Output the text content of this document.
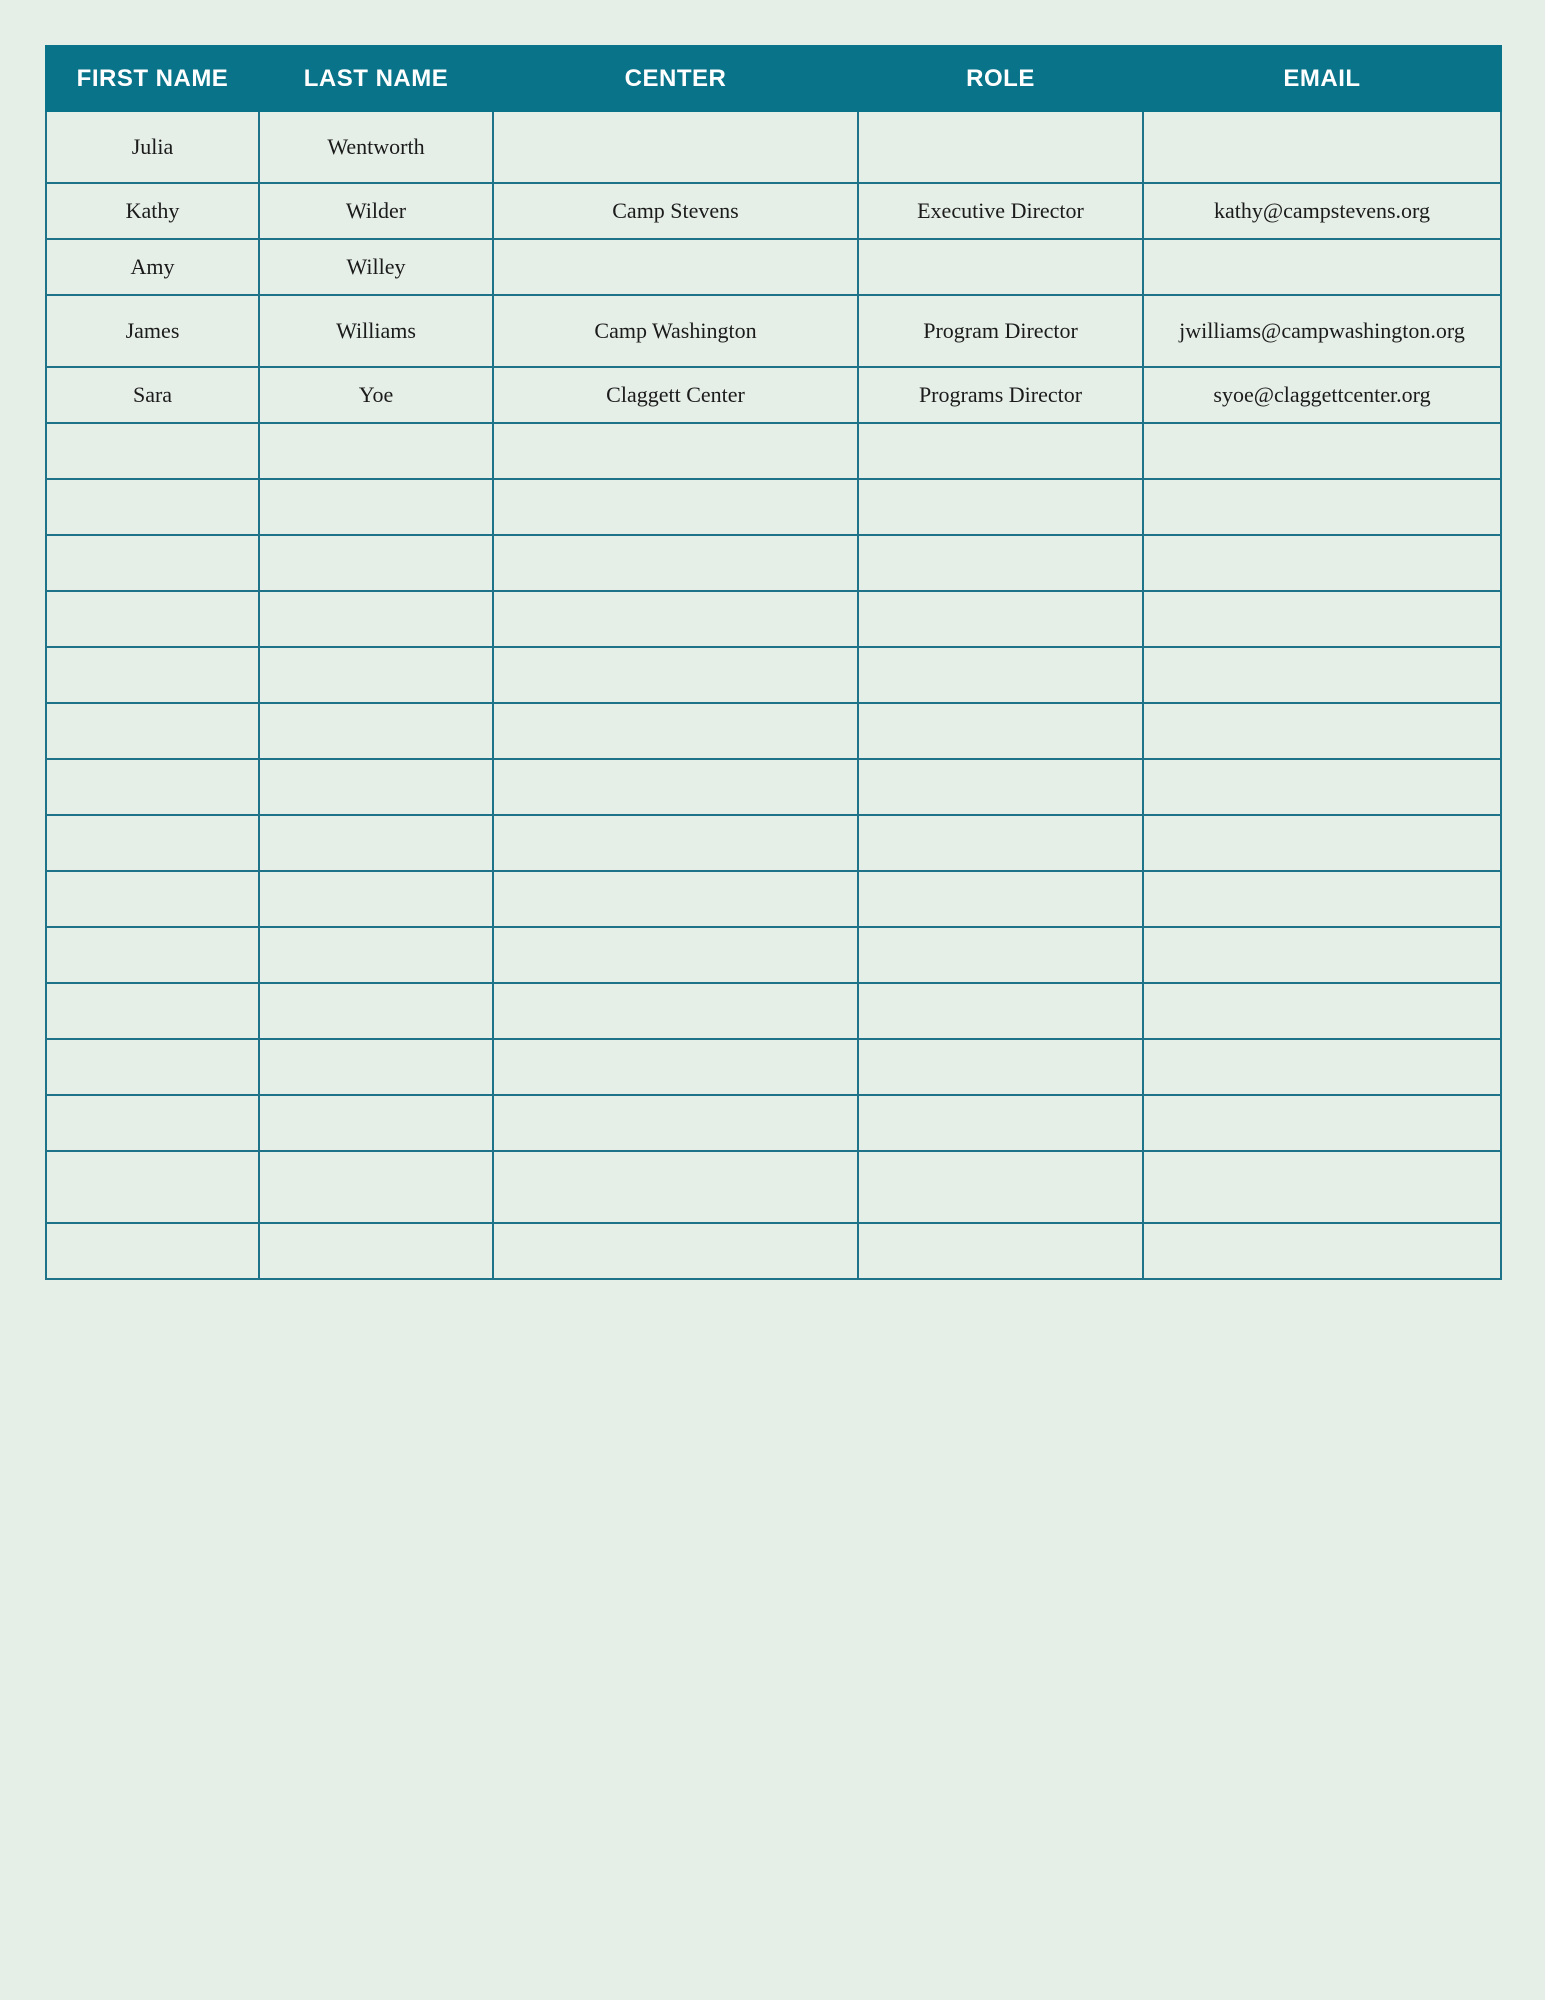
FIRST NAME	LAST NAME	CENTER	ROLE	EMAIL
Julia	Wentworth			
Kathy	Wilder	Camp Stevens	Executive Director	kathy@campstevens.org
Amy	Willey			
James	Williams	Camp Washington	Program Director	jwilliams@campwashington.org
Sara	Yoe	Claggett Center	Programs Director	syoe@claggettcenter.org
